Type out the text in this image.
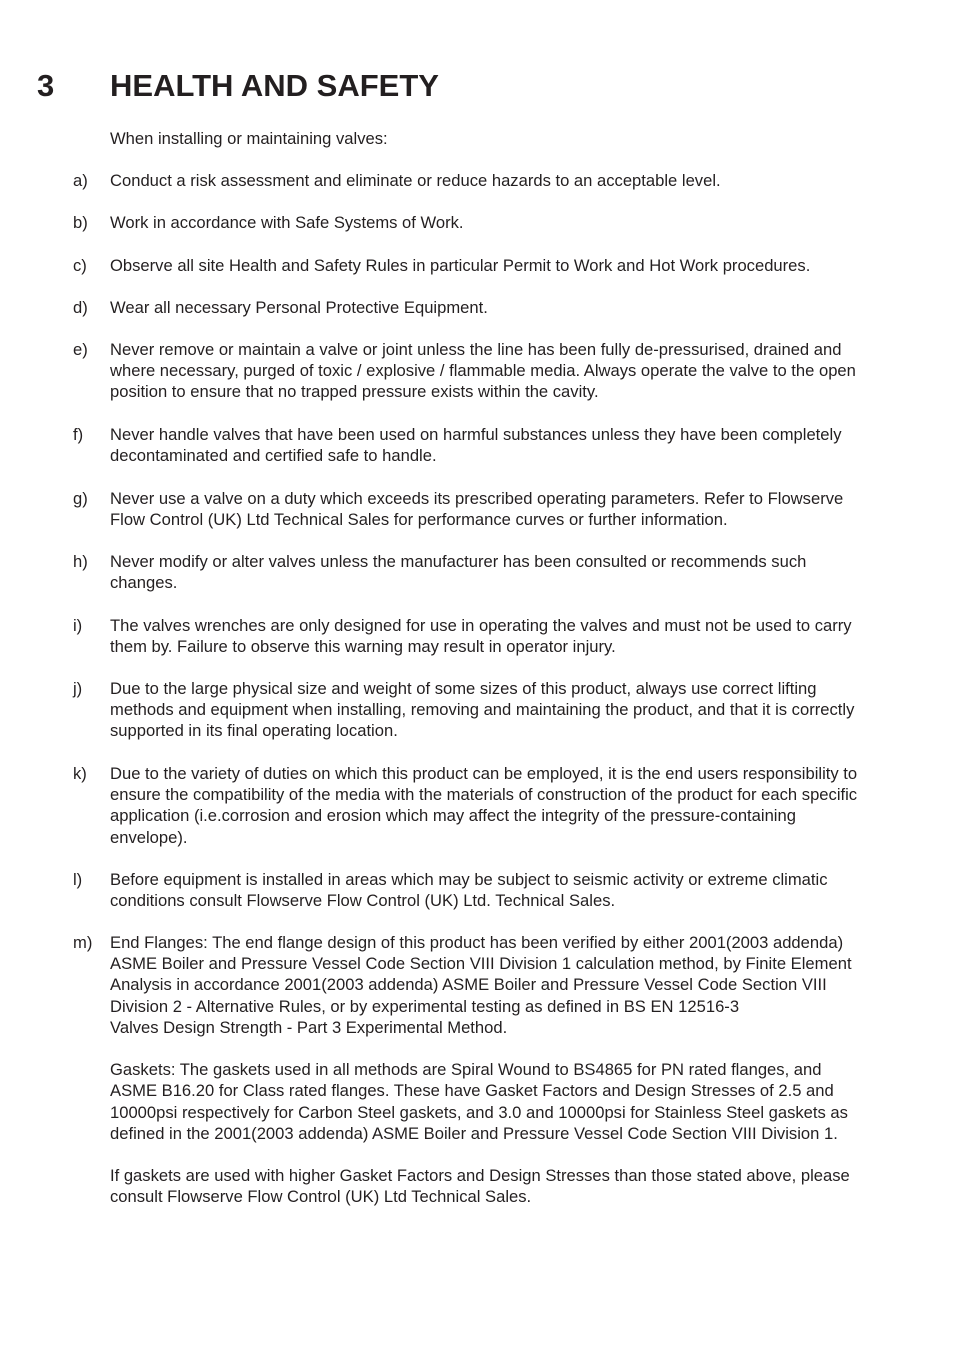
3 HEALTH AND SAFETY

When installing or maintaining valves:

a) Conduct a risk assessment and eliminate or reduce hazards to an acceptable level.
b) Work in accordance with Safe Systems of Work.
c) Observe all site Health and Safety Rules in particular Permit to Work and Hot Work procedures.
d) Wear all necessary Personal Protective Equipment.
e) Never remove or maintain a valve or joint unless the line has been fully de-pressurised, drained and
where necessary, purged of toxic / explosive / flammable media. Always operate the valve to the open
position to ensure that no trapped pressure exists within the cavity.
f) Never handle valves that have been used on harmful substances unless they have been completely
decontaminated and certified safe to handle.
g) Never use a valve on a duty which exceeds its prescribed operating parameters. Refer to Flowserve
Flow Control (UK) Ltd Technical Sales for performance curves or further information.
h) Never modify or alter valves unless the manufacturer has been consulted or recommends such
changes.
i) The valves wrenches are only designed for use in operating the valves and must not be used to carry
them by. Failure to observe this warning may result in operator injury.
j) Due to the large physical size and weight of some sizes of this product, always use correct lifting
methods and equipment when installing, removing and maintaining the product, and that it is correctly
supported in its final operating location.
k) Due to the variety of duties on which this product can be employed, it is the end users responsibility to
ensure the compatibility of the media with the materials of construction of the product for each specific
application (i.e.corrosion and erosion which may affect the integrity of the pressure-containing
envelope).
l) Before equipment is installed in areas which may be subject to seismic activity or extreme climatic
conditions consult Flowserve Flow Control (UK) Ltd. Technical Sales.
m) End Flanges: The end flange design of this product has been verified by either 2001(2003 addenda)
ASME Boiler and Pressure Vessel Code Section VIII Division 1 calculation method, by Finite Element
Analysis in accordance 2001(2003 addenda) ASME Boiler and Pressure Vessel Code Section VIII
Division 2 - Alternative Rules, or by experimental testing as defined in BS EN 12516-3
Valves Design Strength - Part 3 Experimental Method.
Gaskets: The gaskets used in all methods are Spiral Wound to BS4865 for PN rated flanges, and
ASME B16.20 for Class rated flanges. These have Gasket Factors and Design Stresses of 2.5 and
10000psi respectively for Carbon Steel gaskets, and 3.0 and 10000psi for Stainless Steel gaskets as
defined in the 2001(2003 addenda) ASME Boiler and Pressure Vessel Code Section VIII Division 1.
If gaskets are used with higher Gasket Factors and Design Stresses than those stated above, please
consult Flowserve Flow Control (UK) Ltd Technical Sales.
